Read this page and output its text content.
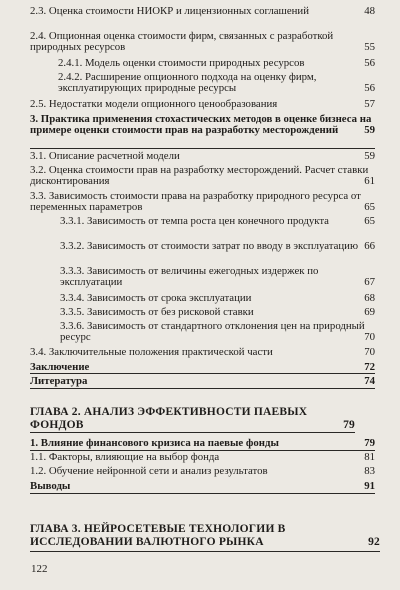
2.3. Оценка стоимости НИОКР и лицензионных соглашений	48
2.4. Опционная оценка стоимости фирм, связанных с разработкой природных ресурсов	55
2.4.1. Модель оценки стоимости природных ресурсов	56
2.4.2. Расширение опционного подхода на оценку фирм, эксплуатирующих природные ресурсы	56
2.5. Недостатки модели опционного ценообразования	57
3. Практика применения стохастических методов в оценке бизнеса на примере оценки стоимости прав на разработку месторождений	59
3.1. Описание расчетной модели	59
3.2. Оценка стоимости прав на разработку месторождений. Расчет ставки дисконтирования	61
3.3. Зависимость стоимости права на разработку природного ресурса от переменных параметров	65
3.3.1. Зависимость от темпа роста цен конечного продукта	65
3.3.2. Зависимость от стоимости затрат по вводу в эксплуатацию 66
3.3.3. Зависимость от величины ежегодных издержек по эксплуатации	67
3.3.4. Зависимость от срока эксплуатации	68
3.3.5. Зависимость от без рисковой ставки	69
3.3.6. Зависимость от стандартного отклонения цен на природный ресурс	70
3.4. Заключительные положения практической части	70
Заключение	72
Литература	74
ГЛАВА 2. АНАЛИЗ ЭФФЕКТИВНОСТИ ПАЕВЫХ ФОНДОВ	79
1. Влияние финансового кризиса на паевые фонды	79
1.1. Факторы, влияющие на выбор фонда	81
1.2. Обучение нейронной сети и анализ результатов	83
Выводы	91
ГЛАВА 3. НЕЙРОСЕТЕВЫЕ ТЕХНОЛОГИИ В ИССЛЕДОВАНИИ ВАЛЮТНОГО РЫНКА	92
122
